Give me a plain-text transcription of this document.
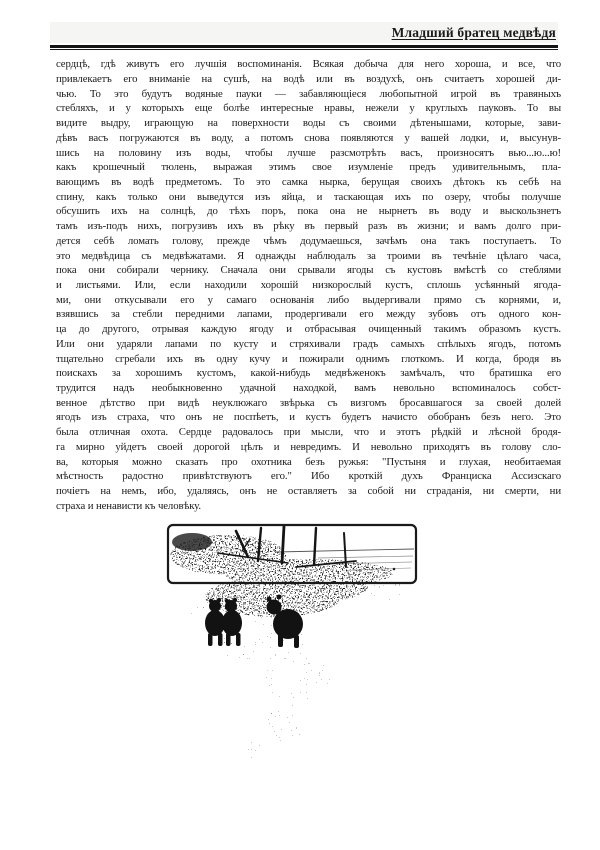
Младший братец медвѣдя
сердцѣ, гдѣ живутъ его лучшія воспоминанія. Всякая добыча для него хороша, и все, что
привлекаетъ его вниманіе на сушѣ, на водѣ или въ воздухѣ, онъ считаетъ хорошей ди-
чью. То это будутъ водяные пауки — забавляющіеся любопытной игрой въ травяныхъ
стебляхъ, и у которыхъ еще болѣе интересные нравы, нежели у круглыхъ пауковъ. То вы
видите выдру, играющую на поверхности воды съ своими дѣтенышами, которые, зави-
дѣвъ васъ погружаются въ воду, а потомъ снова появляются у вашей лодки, и, высунув-
шись на половину изъ воды, чтобы лучше разсмотрѣть васъ, произносятъ вью...ю...ю!
какъ крошечный тюлень, выражая этимъ свое изумленіе предъ удивительнымъ, пла-
вающимъ въ водѣ предметомъ. То это самка нырка, берущая своихъ дѣтокъ къ себѣ на
спину, какъ только они выведутся изъ яйца, и таскающая ихъ по озеру, чтобы получше
обсушить ихъ на солнцѣ, до тѣхъ поръ, пока она не нырнетъ въ воду и выскользнетъ
тамъ изъ-подъ нихъ, погрузивъ ихъ въ рѣку въ первый разъ въ жизни; и вамъ долго при-
дется себѣ ломать голову, прежде чѣмъ додумаешься, зачѣмъ она такъ поступаетъ. То
это медвѣдица съ медвѣжатами. Я однажды наблюдалъ за троими въ течѣніе цѣлаго часа,
пока они собирали чернику. Сначала они срывали ягоды съ кустовъ вмѣстѣ со стеблями
и листьями. Или, если находили хорошій низкорослый кустъ, сплошь усѣянный ягода-
ми, они откусывали его у самаго основанія либо выдергивали прямо съ корнями, и,
взявшись за стебли передними лапами, продергивали его между зубовъ отъ одного кон-
ца до другого, отрывая каждую ягоду и отбрасывая очищенный такимъ образомъ кустъ.
Или они ударяли лапами по кусту и стряхивали градъ самыхъ спѣлыхъ ягодъ, потомъ
тщательно сгребали ихъ въ одну кучу и пожирали однимъ глоткомъ. И когда, бродя въ
поискахъ за хорошимъ кустомъ, какой-нибудь медвѣженокъ замѣчалъ, что братишка его
трудится надъ необыкновенно удачной находкой, вамъ невольно вспоминалось собст-
венное дѣтство при видѣ неуклюжаго звѣрька съ визгомъ бросавшагося за своей долей
ягодъ изъ страха, что онъ не поспѣетъ, и кустъ будетъ начисто обобранъ безъ него. Это
была отличная охота. Сердце радовалось при мысли, что и этотъ рѣдкій и лѣсной бродя-
га мирно уйдетъ своей дорогой цѣлъ и невредимъ. И невольно приходятъ въ голову сло-
ва, которыя можно сказать про охотника безъ ружья: "Пустыня и глухая, необитаемая
мѣстность радостно привѣтствуютъ его." Ибо кроткій духъ Франциска Ассизскаго
почіетъ на немъ, ибо, удаляясь, онъ не оставляетъ за собой ни страданія, ни смерти, ни
страха и ненависти къ человѣку.
